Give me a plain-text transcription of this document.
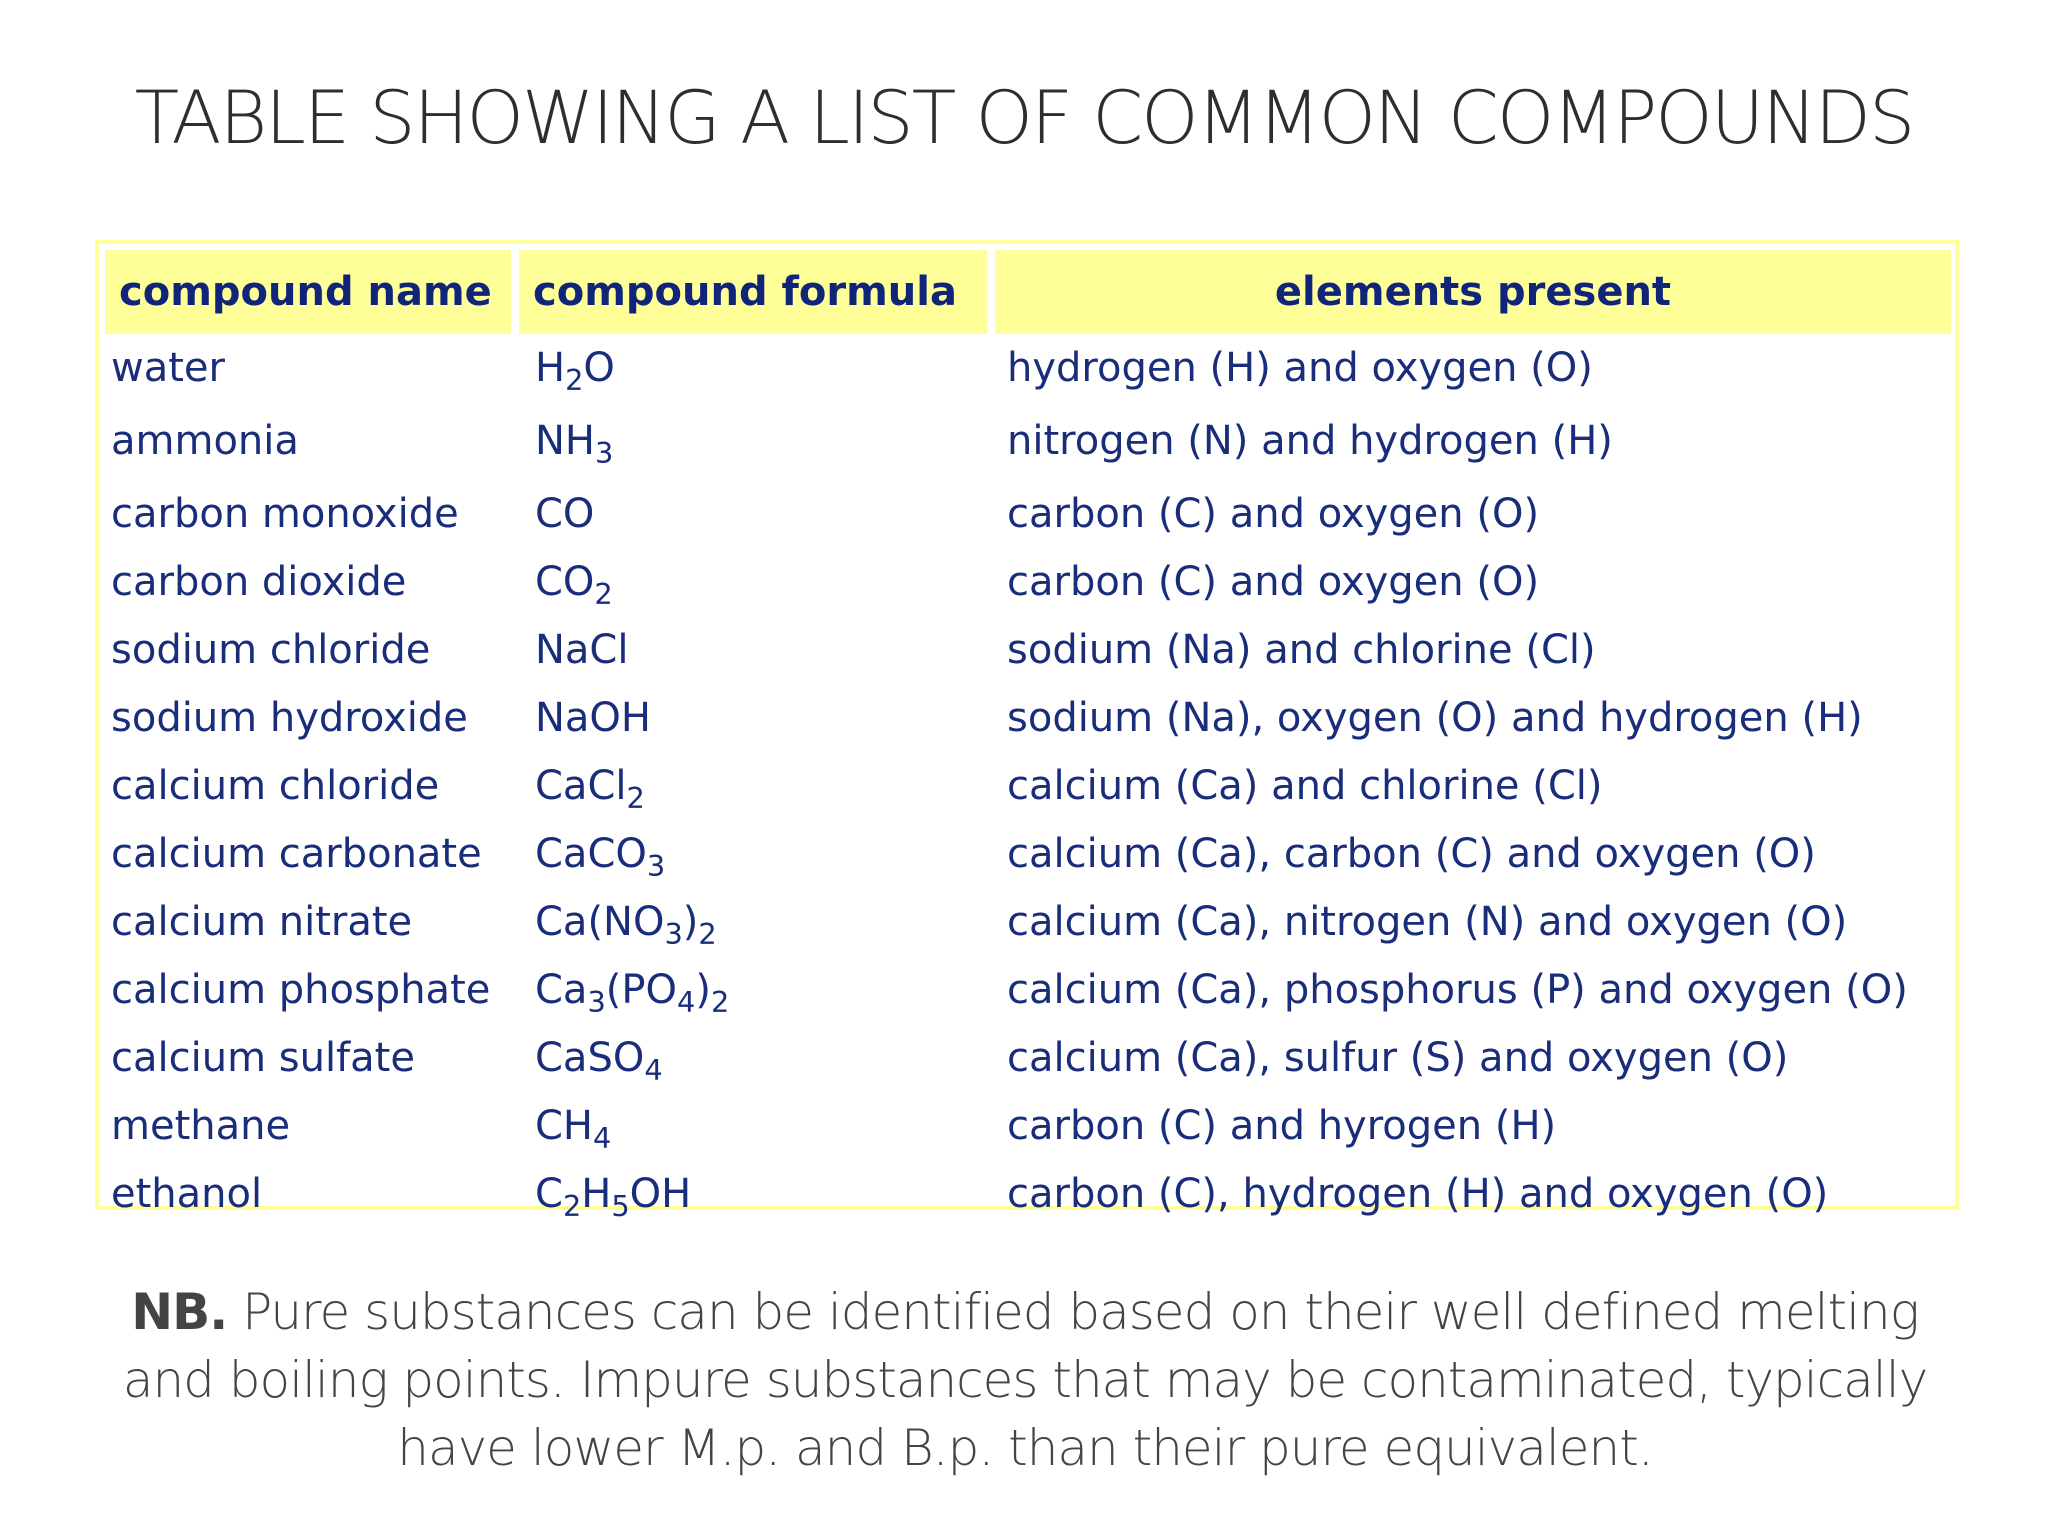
TABLE SHOWING A LIST OF COMMON COMPOUNDS
compound name	compound formula	elements present
water	$H_2O$	hydrogen (H) and oxygen (O)
ammonia	$NH_3$	nitrogen (N) and hydrogen (H)
carbon monoxide	CO	carbon (C) and oxygen (O)
carbon dioxide	$CO_2$	carbon (C) and oxygen (O)
sodium chloride	NaCl	sodium (Na) and chlorine (Cl)
sodium hydroxide	NaOH	sodium (Na), oxygen (O) and hydrogen (H)
calcium chloride	CaCl$_2$	calcium (Ca) and chlorine (Cl)
calcium carbonate	CaCO$_3$	calcium (Ca), carbon (C) and oxygen (O)
calcium nitrate	$Ca(NO_3)_2$	calcium (Ca), nitrogen (N) and oxygen (O)
calcium phosphate	$Ca_3(PO_4)_2$	calcium (Ca), phosphorus (P) and oxygen (O)
calcium sulfate	CaSO$_4$	calcium (Ca), sulfur (S) and oxygen (O)
methane	$CH_4$	carbon (C) and hyrogen (H)
ethanol	$C_2H_5OH$	carbon (C), hydrogen (H) and oxygen (O)
NB. Pure substances can be identified based on their well defined melting and boiling points. Impure substances that may be contaminated, typically have lower M.p. and B.p. than their pure equivalent.
